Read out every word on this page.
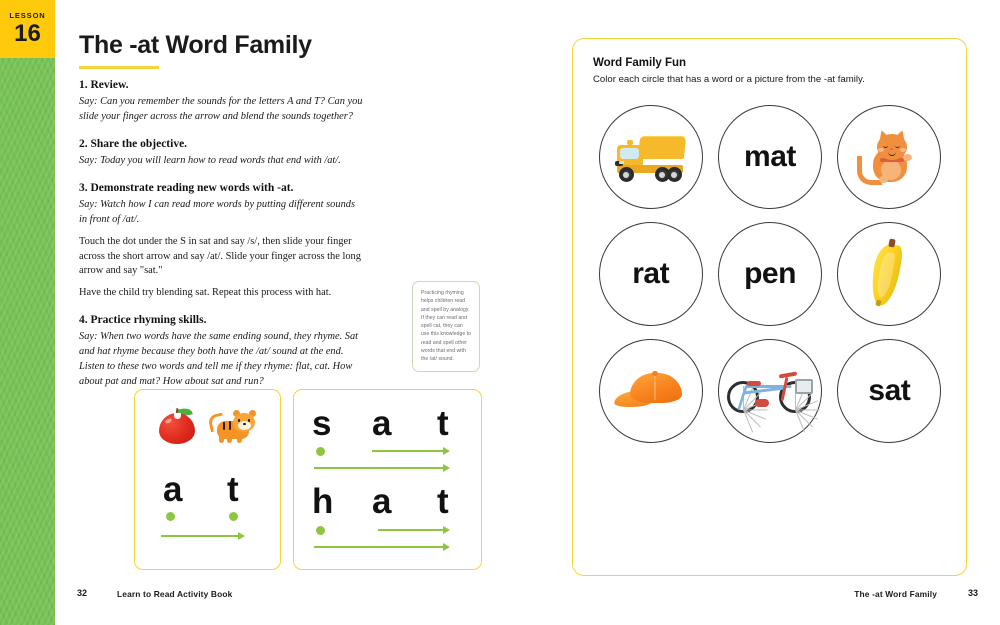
LESSON
16 The -at Word Family
1. Review.

Say: Can you remember the sounds for the letters A and T? Can you slide your finger across the arrow and blend the sounds together?

2. Share the objective.

Say: Today you will learn how to read words that end with /at/.

3. Demonstrate reading new words with -at.

Say: Watch how I can read more words by putting different sounds in front of /at/.

Touch the dot under the S in sat and say /s/, then slide your finger across the short arrow and say /at/. Slide your finger across the long arrow and say "sat."

Have the child try blending sat. Repeat this process with hat.

4. Practice rhyming skills.

Say: When two words have the same ending sound, they rhyme. Sat and hat rhyme because they both have the /at/ sound at the end. Listen to these two words and tell me if they rhyme: flat, cat. How about pat and mat? How about sat and run?

Practicing rhyming helps children read and spell by analogy. If they can read and spell cat, they can use this knowledge to read and spell other words that end with the /at/ sound.

a t
s a t
h a t
32	Learn to Read Activity Book
Word Family Fun
Color each circle that has a word or a picture from the -at family.
mat
rat pen
sat
The -at Word Family	33
